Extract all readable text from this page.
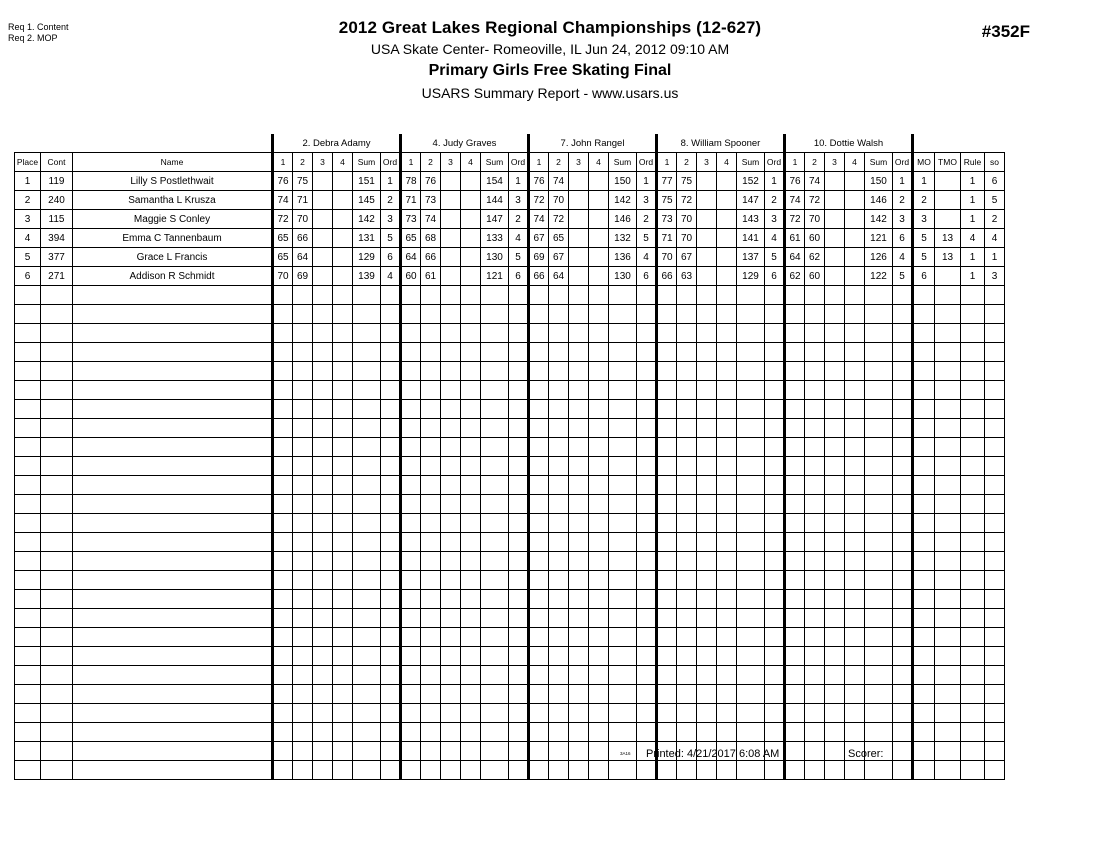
Req 1. Content
Req 2. MOP
2012 Great Lakes Regional Championships (12-627)
USA Skate Center- Romeoville, IL Jun 24, 2012 09:10 AM
Primary Girls Free Skating Final
USARS Summary Report - www.usars.us
#352F
			2. Debra Adamy						4. Judy Graves						7. John Rangel						8. William Spooner						10. Dottie Walsh									
Place	Cont	Name	1	2	3	4	Sum	Ord	1	2	3	4	Sum	Ord	1	2	3	4	Sum	Ord	1	2	3	4	Sum	Ord	1	2	3	4	Sum	Ord	MO	TMO	Rule	so
1	119	Lilly S Postlethwait	76	75			151	1	78	76			154	1	76	74			150	1	77	75			152	1	76	74			150	1	1		1	6
2	240	Samantha L Krusza	74	71			145	2	71	73			144	3	72	70			142	3	75	72			147	2	74	72			146	2	2		1	5
3	115	Maggie S Conley	72	70			142	3	73	74			147	2	74	72			146	2	73	70			143	3	72	70			142	3	3		1	2
4	394	Emma C Tannenbaum	65	66			131	5	65	68			133	4	67	65			132	5	71	70			141	4	61	60			121	6	5	13	4	4
5	377	Grace L Francis	65	64			129	6	64	66			130	5	69	67			136	4	70	67			137	5	64	62			126	4	5	13	1	1
6	271	Addison R Schmidt	70	69			139	4	60	61			121	6	66	64			130	6	66	63			129	6	62	60			122	5	6		1	3

3A16 Printed: 4/21/2017 6:08 AM	Scorer:
